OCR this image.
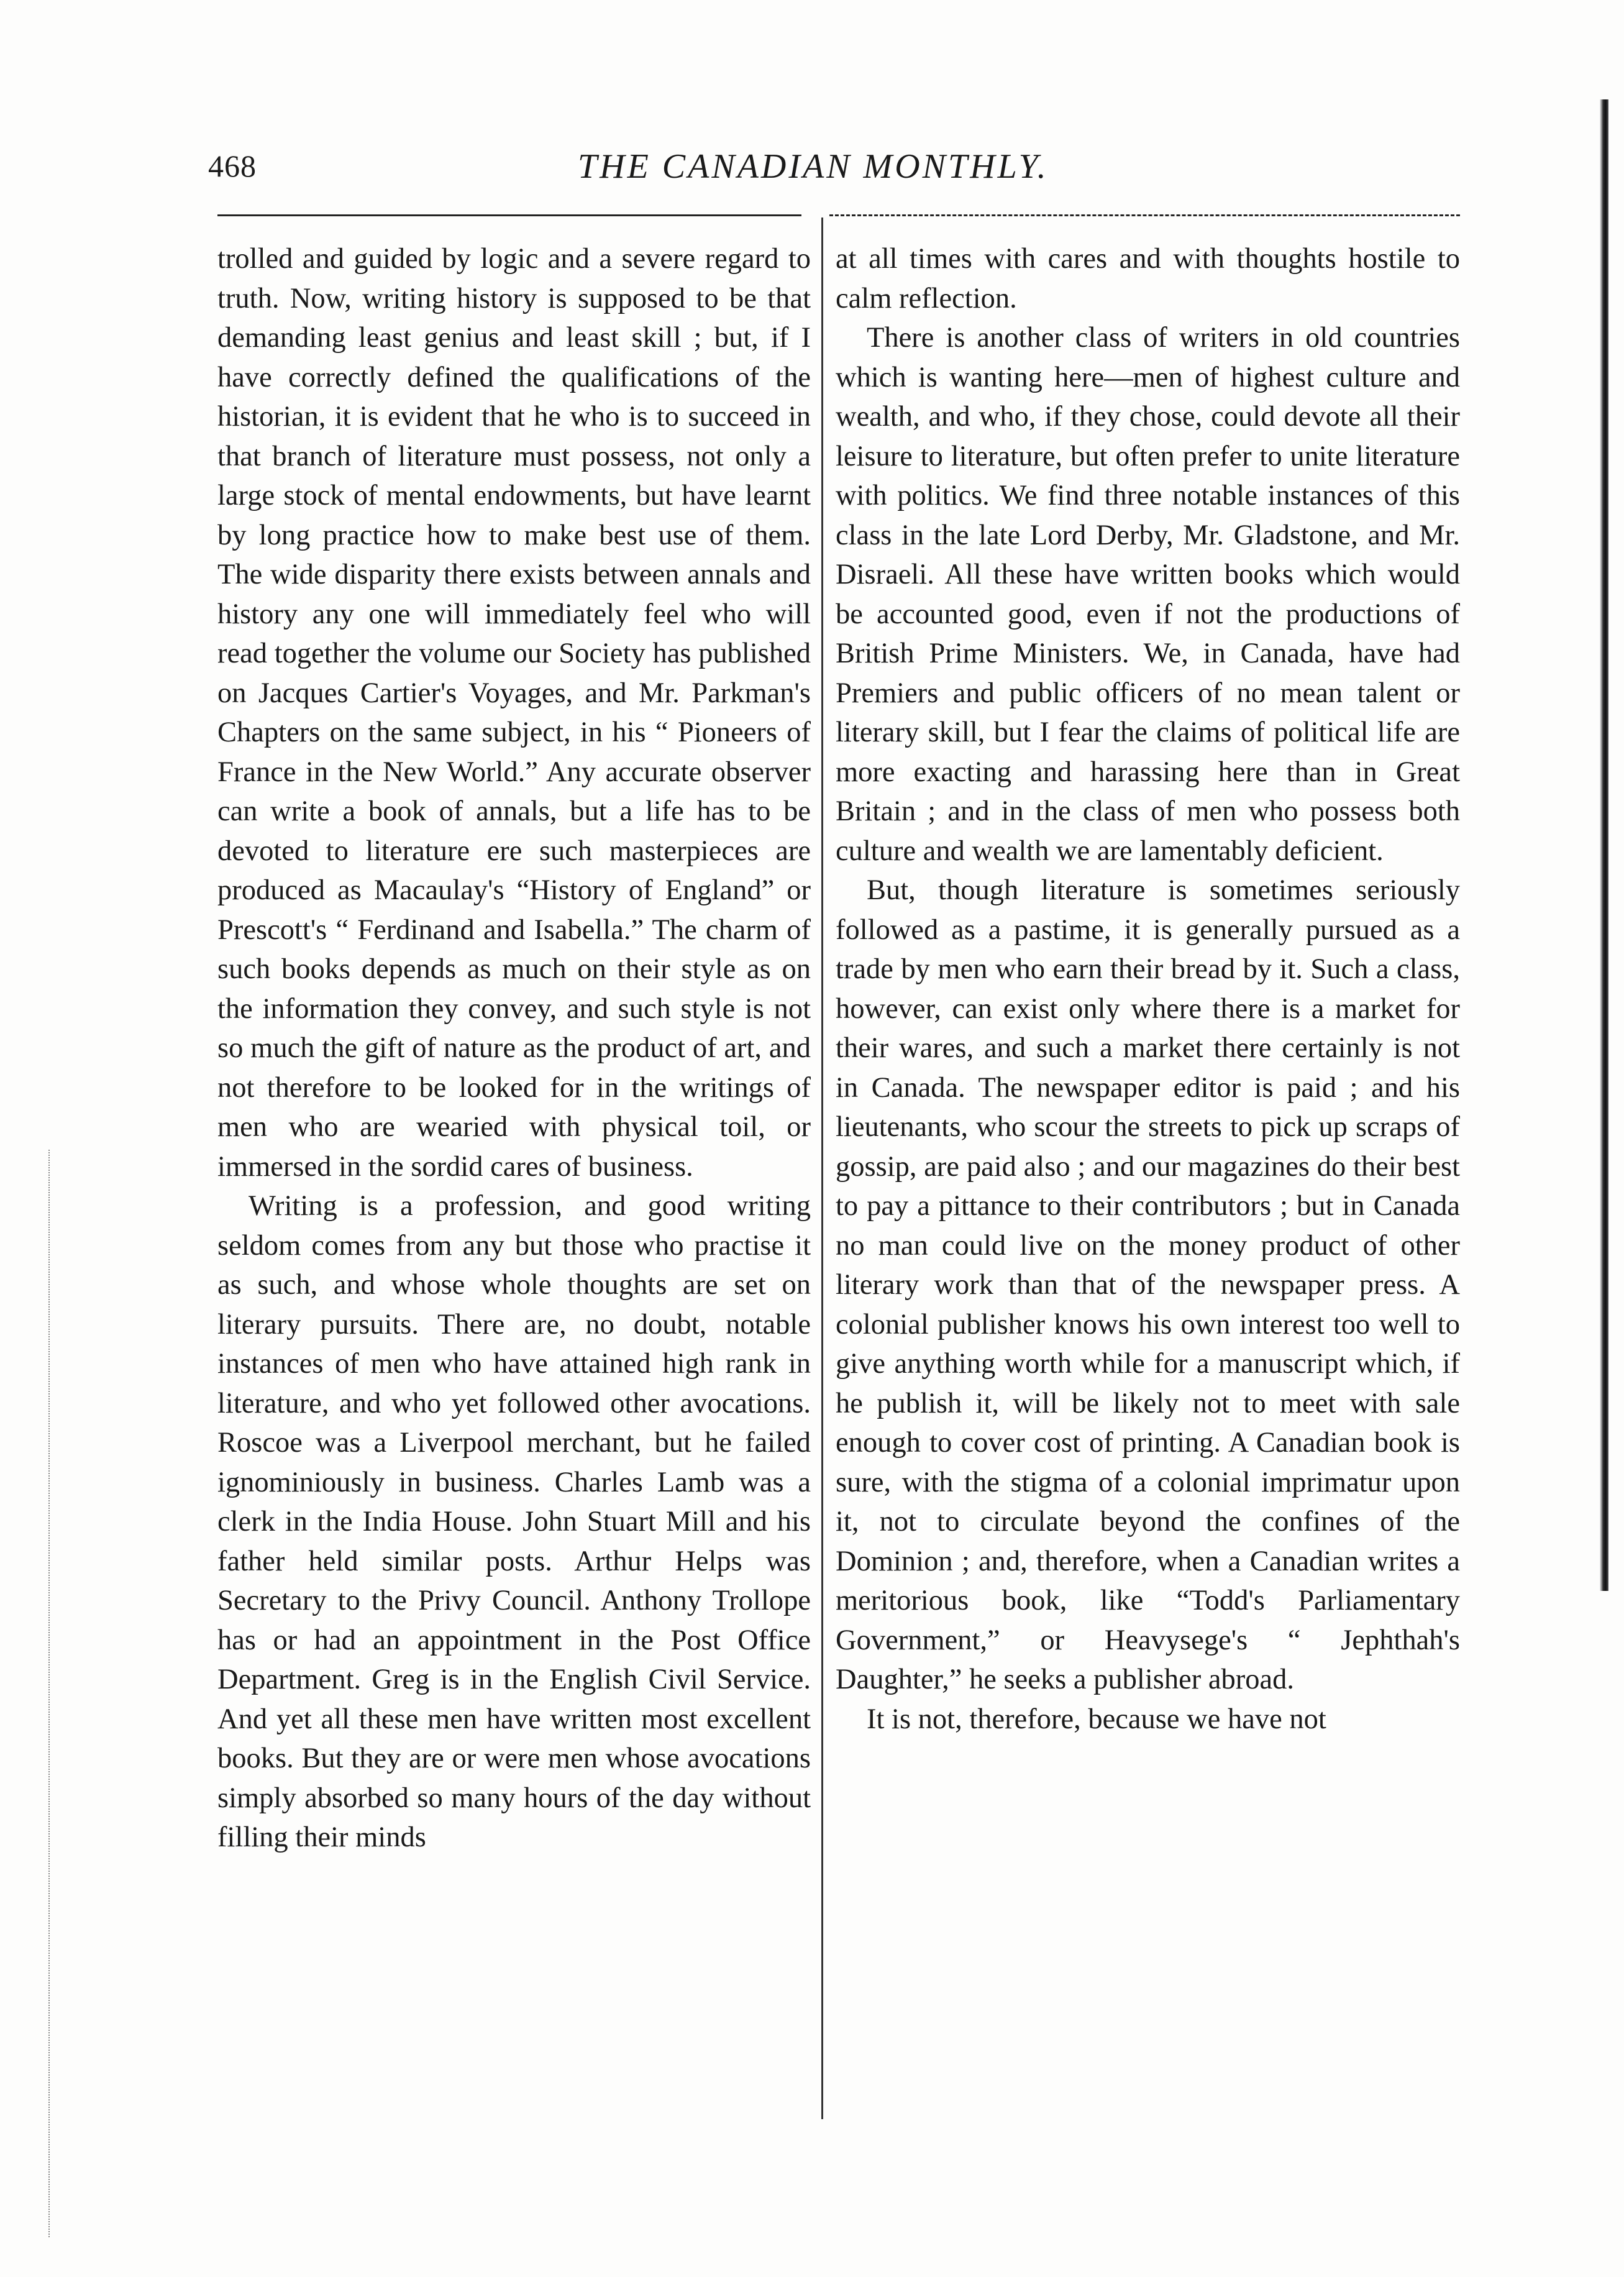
468	THE CANADIAN MONTHLY.

trolled and guided by logic and a severe regard to truth. Now, writing history is supposed to be that demanding least genius and least skill ; but, if I have correctly defined the qualifications of the historian, it is evident that he who is to succeed in that branch of literature must possess, not only a large stock of mental endowments, but have learnt by long practice how to make best use of them. The wide disparity there exists between annals and history any one will immediately feel who will read together the volume our Society has published on Jacques Cartier's Voyages, and Mr. Parkman's Chapters on the same subject, in his “ Pioneers of France in the New World.” Any accurate observer can write a book of annals, but a life has to be devoted to literature ere such masterpieces are produced as Macaulay's “History of England” or Prescott's “ Ferdinand and Isabella.” The charm of such books depends as much on their style as on the information they convey, and such style is not so much the gift of nature as the product of art, and not therefore to be looked for in the writings of men who are wearied with physical toil, or immersed in the sordid cares of business.

Writing is a profession, and good writing seldom comes from any but those who practise it as such, and whose whole thoughts are set on literary pursuits. There are, no doubt, notable instances of men who have attained high rank in literature, and who yet followed other avocations. Roscoe was a Liverpool merchant, but he failed ignominiously in business. Charles Lamb was a clerk in the India House. John Stuart Mill and his father held similar posts. Arthur Helps was Secretary to the Privy Council. Anthony Trollope has or had an appointment in the Post Office Department. Greg is in the English Civil Service. And yet all these men have written most excellent books. But they are or were men whose avocations simply absorbed so many hours of the day without filling their minds

at all times with cares and with thoughts hostile to calm reflection.

There is another class of writers in old countries which is wanting here—men of highest culture and wealth, and who, if they chose, could devote all their leisure to literature, but often prefer to unite literature with politics. We find three notable instances of this class in the late Lord Derby, Mr. Gladstone, and Mr. Disraeli. All these have written books which would be accounted good, even if not the productions of British Prime Ministers. We, in Canada, have had Premiers and public officers of no mean talent or literary skill, but I fear the claims of political life are more exacting and harassing here than in Great Britain ; and in the class of men who possess both culture and wealth we are lamentably deficient.

But, though literature is sometimes seriously followed as a pastime, it is generally pursued as a trade by men who earn their bread by it. Such a class, however, can exist only where there is a market for their wares, and such a market there certainly is not in Canada. The newspaper editor is paid ; and his lieutenants, who scour the streets to pick up scraps of gossip, are paid also ; and our magazines do their best to pay a pittance to their contributors ; but in Canada no man could live on the money product of other literary work than that of the newspaper press. A colonial publisher knows his own interest too well to give anything worth while for a manuscript which, if he publish it, will be likely not to meet with sale enough to cover cost of printing. A Canadian book is sure, with the stigma of a colonial imprimatur upon it, not to circulate beyond the confines of the Dominion ; and, therefore, when a Canadian writes a meritorious book, like “Todd's Parliamentary Government,” or Heavysege's “ Jephthah's Daughter,” he seeks a publisher abroad.

It is not, therefore, because we have not
